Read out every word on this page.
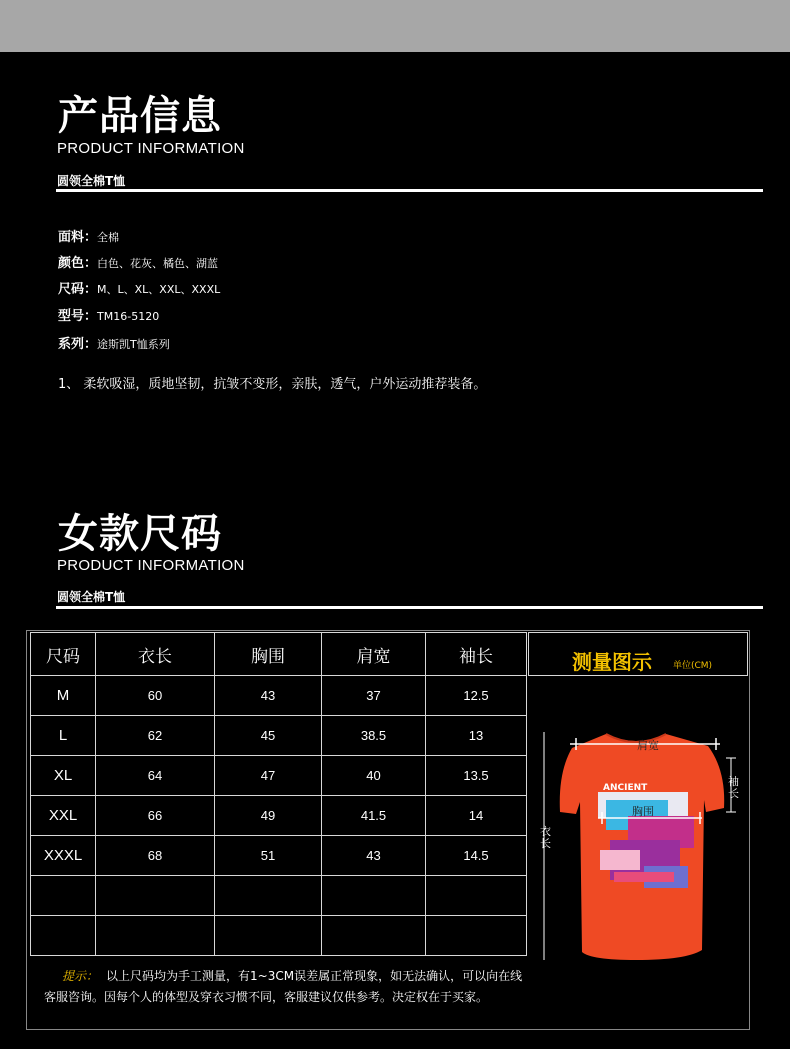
产品信息
PRODUCT INFORMATION
圆领全棉T恤
面料：全棉
颜色：白色、花灰、橘色、湖蓝
尺码：M、L、XL、XXL、XXXL
型号：TM16-5120
系列：途斯凯T恤系列
1、 柔软吸湿，质地坚韧，抗皱不变形，亲肤，透气，户外运动推荐装备。
女款尺码
PRODUCT INFORMATION
圆领全棉T恤
尺码	衣长	胸围	肩宽	袖长
M	60	43	37	12.5
L	62	45	38.5	13
XL	64	47	40	13.5
XXL	66	49	41.5	14
XXXL	68	51	43	14.5

测量图示 单位(CM)
ANCIENT
肩宽
胸围
袖长
衣长
提示： 以上尺码均为手工测量，有1~3CM误差属正常现象，如无法确认，可以向在线客服咨询。因每个人的体型及穿衣习惯不同，客服建议仅供参考。决定权在于买家。
